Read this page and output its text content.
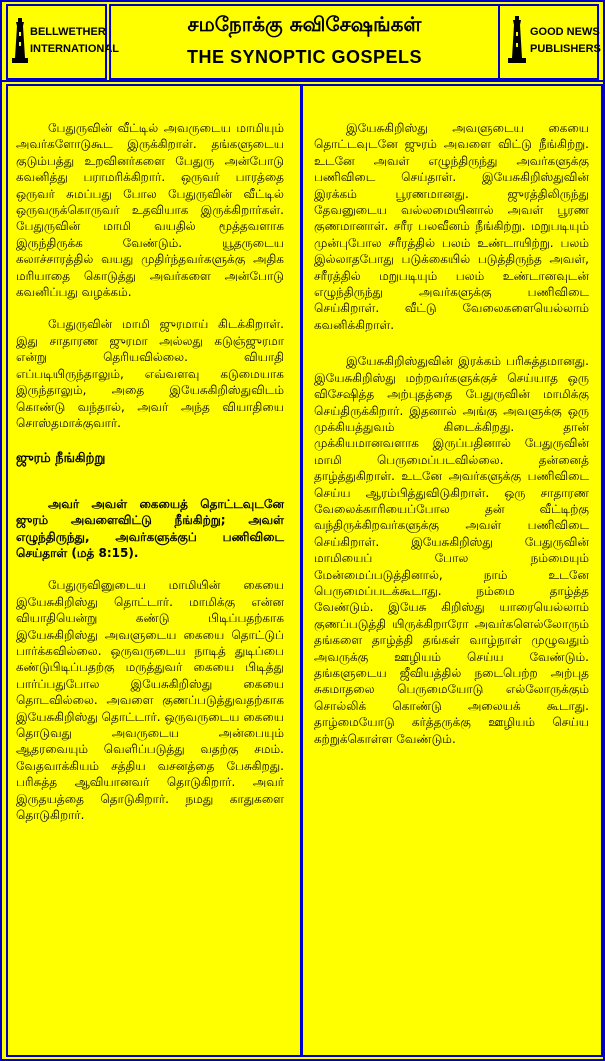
BELLWETHER
INTERNATIONAL
சமநோக்கு சுவிசேஷங்கள்
THE SYNOPTIC GOSPELS
GOOD NEWS
PUBLISHERS

பேதுருவின் வீட்டில் அவருடைய மாமியும் அவர்களோடுகூட இருக்கிறாள். தங்களுடைய குடும்பத்து உறவினர்களை பேதுரு அன்போடு கவனித்து பராமரிக்கிறார். ஒருவர் பாரத்தை ஒருவர் சுமப்பது போல பேதுருவின் வீட்டில் ஒருவருக்கொருவர் உதவியாக இருக்கிறார்கள். பேதுருவின் மாமி வயதில் மூத்தவளாக இருந்திருக்க வேண்டும். யூதருடைய கலாச்சாரத்தில் வயது முதிர்ந்தவர்களுக்கு அதிக மரியாதை கொடுத்து அவர்களை அன்போடு கவனிப்பது வழக்கம்.

பேதுருவின் மாமி ஜுரமாய் கிடக்கிறாள். இது சாதாரண ஜுரமா அல்லது கடுஞ்ஜுரமா என்று தெரியவில்லை. வியாதி எப்படியிருந்தாலும், எவ்வளவு கடுமையாக இருந்தாலும், அதை இயேசுகிறிஸ்துவிடம் கொண்டு வந்தால், அவர் அந்த வியாதியை சொஸ்தமாக்குவார்.

ஜுரம் நீங்கிற்று

அவர் அவள் கையைத் தொட்டவுடனே ஜுரம் அவளைவிட்டு நீங்கிற்று; அவள் எழுந்திருந்து, அவர்களுக்குப் பணிவிடை செய்தாள் (மத் 8:15).

பேதுருவினுடைய மாமியின் கையை இயேசுகிறிஸ்து தொட்டார். மாமிக்கு என்ன வியாதியென்று கண்டு பிடிப்பதற்காக இயேசுகிறிஸ்து அவளுடைய கையை தொட்டுப் பார்க்கவில்லை. ஒருவருடைய நாடித் துடிப்பை கண்டுபிடிப்பதற்கு மருத்துவர் கையை பிடித்து பார்ப்பதுபோல இயேசுகிறிஸ்து கையை தொடவில்லை. அவளை குணப்படுத்துவதற்காக இயேசுகிறிஸ்து தொட்டார். ஒருவருடைய கையை தொடுவது அவருடைய அன்பையும் ஆதரவையும் வெளிப்படுத்து வதற்கு சமம். வேதவாக்கியம் சத்திய வசனத்தை பேசுகிறது. பரிசுத்த ஆவியானவர் தொடுகிறார். அவர் இருதயத்தை தொடுகிறார். நமது காதுகளை தொடுகிறார்.

இயேசுகிறிஸ்து அவளுடைய கையை தொட்டவுடனே ஜுரம் அவளை விட்டு நீங்கிற்று. உடனே அவள் எழுந்திருந்து அவர்களுக்கு பணிவிடை செய்தாள். இயேசுகிறிஸ்துவின் இரக்கம் பூரணமானது. ஜுரத்திலிருந்து தேவனுடைய வல்லமையினால் அவள் பூரண குணமானாள். சரீர பலவீனம் நீங்கிற்று. மறுபடியும் முன்புபோல சரீரத்தில் பலம் உண்டாயிற்று. பலம் இல்லாதபோது படுக்கையில் படுத்திருந்த அவள், சரீரத்தில் மறுபடியும் பலம் உண்டானவுடன் எழுந்திருந்து அவர்களுக்கு பணிவிடை செய்கிறாள். வீட்டு வேலைகளையெல்லாம் கவனிக்கிறாள்.

இயேசுகிறிஸ்துவின் இரக்கம் பரிசுத்தமானது. இயேசுகிறிஸ்து மற்றவர்களுக்குச் செய்யாத ஒரு விசேஷித்த அற்புதத்தை பேதுருவின் மாமிக்கு செய்திருக்கிறார். இதனால் அங்கு அவளுக்கு ஒரு முக்கியத்துவம் கிடைக்கிறது. தான் முக்கியமானவளாக இருப்பதினால் பேதுருவின் மாமி பெருமைப்படவில்லை. தன்னைத் தாழ்த்துகிறாள். உடனே அவர்களுக்கு பணிவிடை செய்ய ஆரம்பித்துவிடுகிறாள். ஒரு சாதாரண வேலைக்காரியைப்போல தன் வீட்டிற்கு வந்திருக்கிறவர்களுக்கு அவள் பணிவிடை செய்கிறாள். இயேசுகிறிஸ்து பேதுருவின் மாமியைப் போல நம்மையும் மேன்மைப்படுத்தினால், நாம் உடனே பெருமைப்படக்கூடாது. நம்மை தாழ்த்த வேண்டும். இயேசு கிறிஸ்து யாரையெல்லாம் குணப்படுத்தி யிருக்கிறாரோ அவர்களெல்லோரும் தங்களை தாழ்த்தி தங்கள் வாழ்நாள் முழுவதும் அவருக்கு ஊழியம் செய்ய வேண்டும். தங்களுடைய ஜீவியத்தில் நடைபெற்ற அற்புத சுகமாதலை பெருமையோடு எல்லோருக்கும் சொல்லிக் கொண்டு அலையக் கூடாது. தாழ்மையோடு கர்த்தருக்கு ஊழியம் செய்ய கற்றுக்கொள்ள வேண்டும்.
